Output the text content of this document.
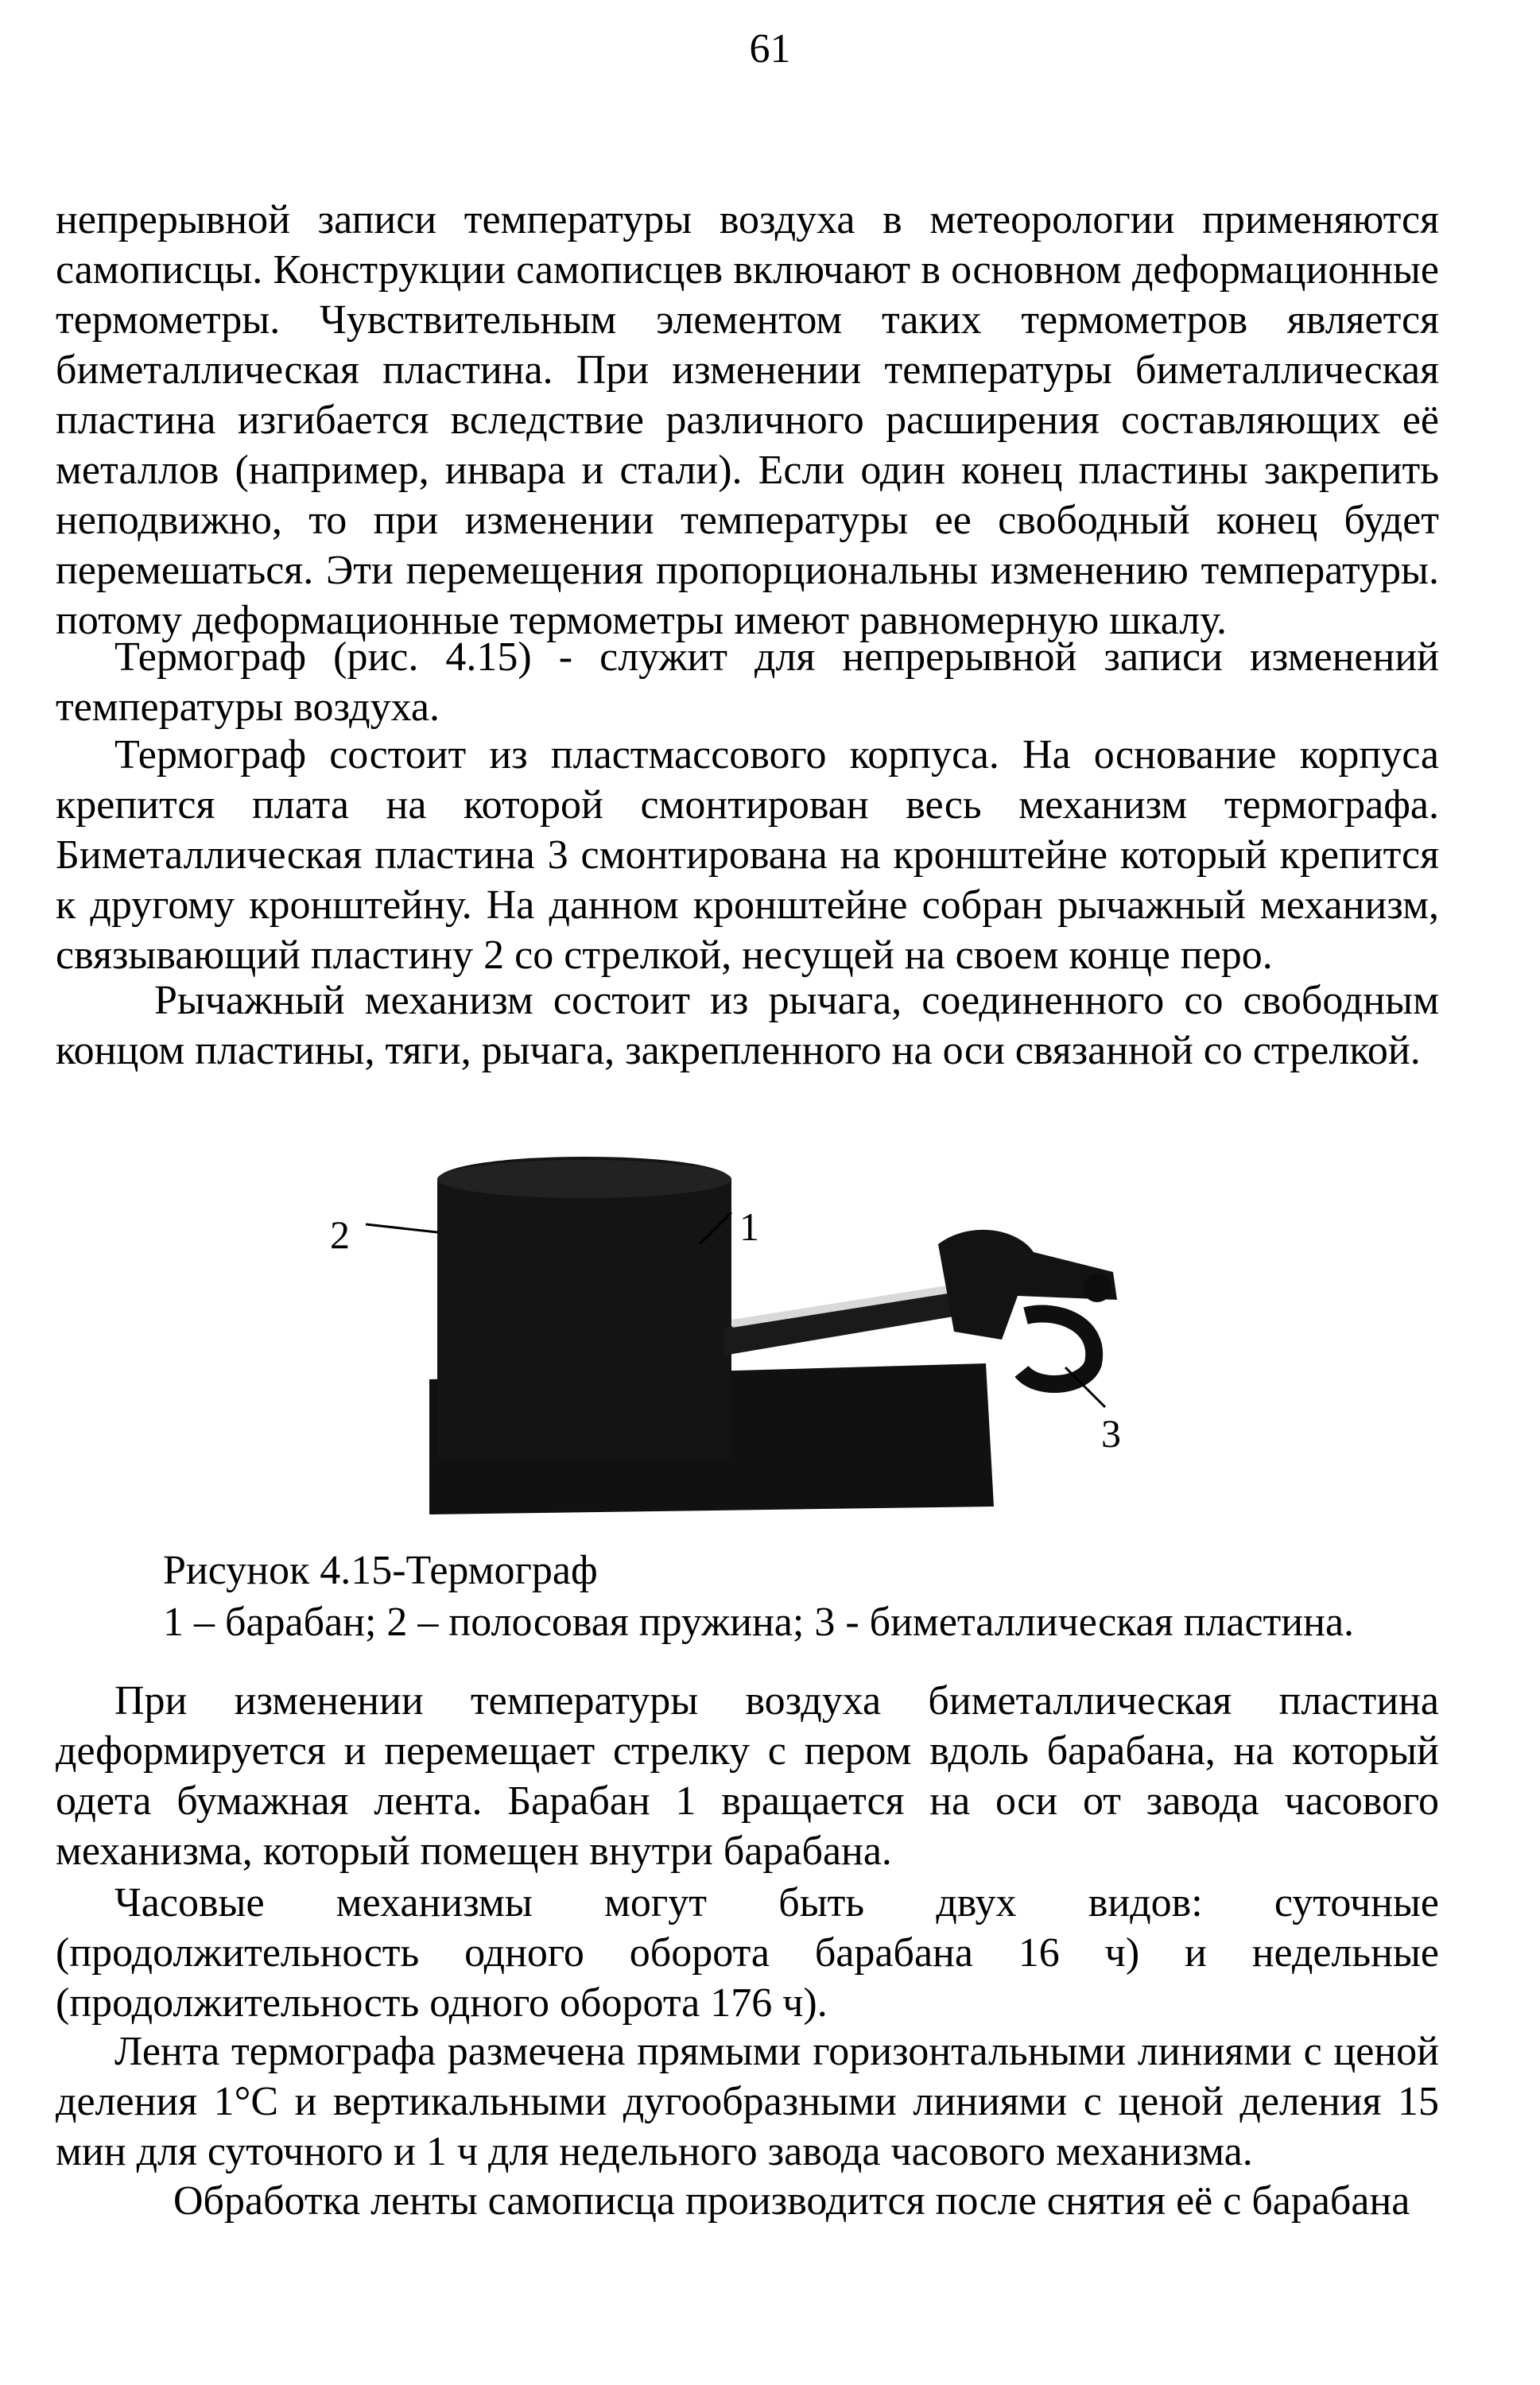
61

непрерывной записи температуры воздуха в метеорологии применяются самописцы. Конструкции самописцев включают в основном деформационные термометры. Чувствительным элементом таких термометров является биметаллическая пластина. При изменении температуры биметаллическая пластина изгибается вследствие различного расширения составляющих её металлов (например, инвара и стали). Если один конец пластины закрепить неподвижно, то при изменении температуры ее свободный конец будет перемешаться. Эти перемещения пропорциональны изменению температуры. потому деформационные термометры имеют равномерную шкалу.

Термограф (рис. 4.15) - служит для непрерывной записи изменений температуры воздуха.

Термограф состоит из пластмассового корпуса. На основание корпуса крепится плата на которой смонтирован весь механизм термографа. Биметаллическая пластина 3 смонтирована на кронштейне который крепится к другому кронштейну. На данном кронштейне собран рычажный механизм, связывающий пластину 2 со стрелкой, несущей на своем конце перо.

Рычажный механизм состоит из рычага, соединенного со свободным концом пластины, тяги, рычага, закрепленного на оси связанной со стрелкой.

2	1
3
Рисунок 4.15-Термограф
1 – барабан; 2 – полосовая пружина; 3 - биметаллическая пластина.

При изменении температуры воздуха биметаллическая пластина деформируется и перемещает стрелку с пером вдоль барабана, на который одета бумажная лента. Барабан 1 вращается на оси от завода часового механизма, который помещен внутри барабана.

Часовые механизмы могут быть двух видов: суточные (продолжительность одного оборота барабана 16 ч) и недельные (продолжительность одного оборота 176 ч).

Лента термографа размечена прямыми горизонтальными линиями с ценой деления 1°С и вертикальными дугообразными линиями с ценой деления 15 мин для суточного и 1 ч для недельного завода часового механизма.

Обработка ленты самописца производится после снятия её с барабана
